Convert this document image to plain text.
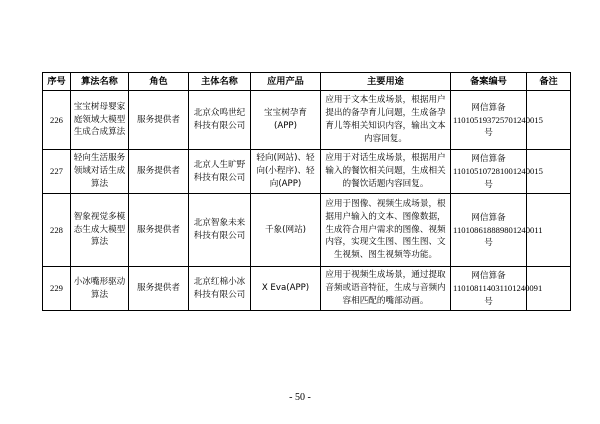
序号	算法名称	角色	主体名称	应用产品	主要用途	备案编号	备注
226	宝宝树母婴家庭领域大模型生成合成算法	服务提供者	北京众鸣世纪科技有限公司	宝宝树孕育(APP)	应用于文本生成场景，根据用户提出的备孕育儿问题，生成备孕育儿等相关知识内容，输出文本内容回复。	网信算备110105193725701240015号	
227	轻向生活服务领域对话生成算法	服务提供者	北京人生旷野科技有限公司	轻向(网站)、轻向(小程序)、轻向(APP)	应用于对话生成场景，根据用户输入的餐饮相关问题，生成相关的餐饮话题内容回复。	网信算备110105107281001240015号	
228	智象视觉多模态生成大模型算法	服务提供者	北京智象未来科技有限公司	千象(网站)	应用于图像、视频生成场景，根据用户输入的文本、图像数据，生成符合用户需求的图像、视频内容，实现文生图、图生图、文生视频、图生视频等功能。	网信算备110108618889801240011号	
229	小冰嘴形驱动算法	服务提供者	北京红棉小冰科技有限公司	X Eva(APP)	应用于视频生成场景，通过提取音频或语音特征，生成与音频内容相匹配的嘴部动画。	网信算备110108114031101240091号	
- 50 -
